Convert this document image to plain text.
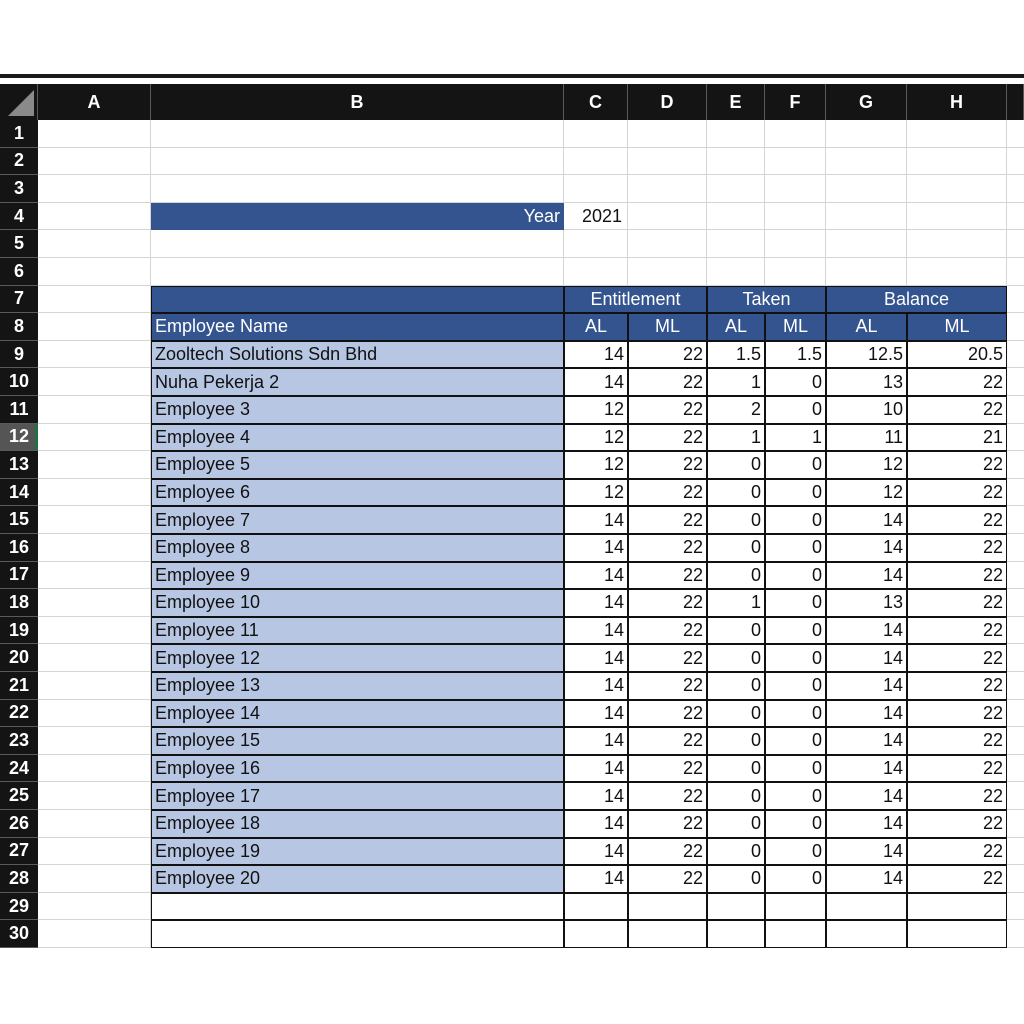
A	B	C	D	E	F	G	H
1
2
3
4
5
6
7
8
9
10
11
12
13
14
15
16
17
18
19
20
21
22
23
24
25
26
27
28
29
30
Year	2021
Entitlement	Taken	Balance
Employee Name	AL	ML	AL	ML	AL	ML
Zooltech Solutions Sdn Bhd	14	22	1.5	1.5	12.5	20.5
Nuha Pekerja 2	14	22	1	0	13	22
Employee 3	12	22	2	0	10	22
Employee 4	12	22	1	1	11	21
Employee 5	12	22	0	0	12	22
Employee 6	12	22	0	0	12	22
Employee 7	14	22	0	0	14	22
Employee 8	14	22	0	0	14	22
Employee 9	14	22	0	0	14	22
Employee 10	14	22	1	0	13	22
Employee 11	14	22	0	0	14	22
Employee 12	14	22	0	0	14	22
Employee 13	14	22	0	0	14	22
Employee 14	14	22	0	0	14	22
Employee 15	14	22	0	0	14	22
Employee 16	14	22	0	0	14	22
Employee 17	14	22	0	0	14	22
Employee 18	14	22	0	0	14	22
Employee 19	14	22	0	0	14	22
Employee 20	14	22	0	0	14	22
